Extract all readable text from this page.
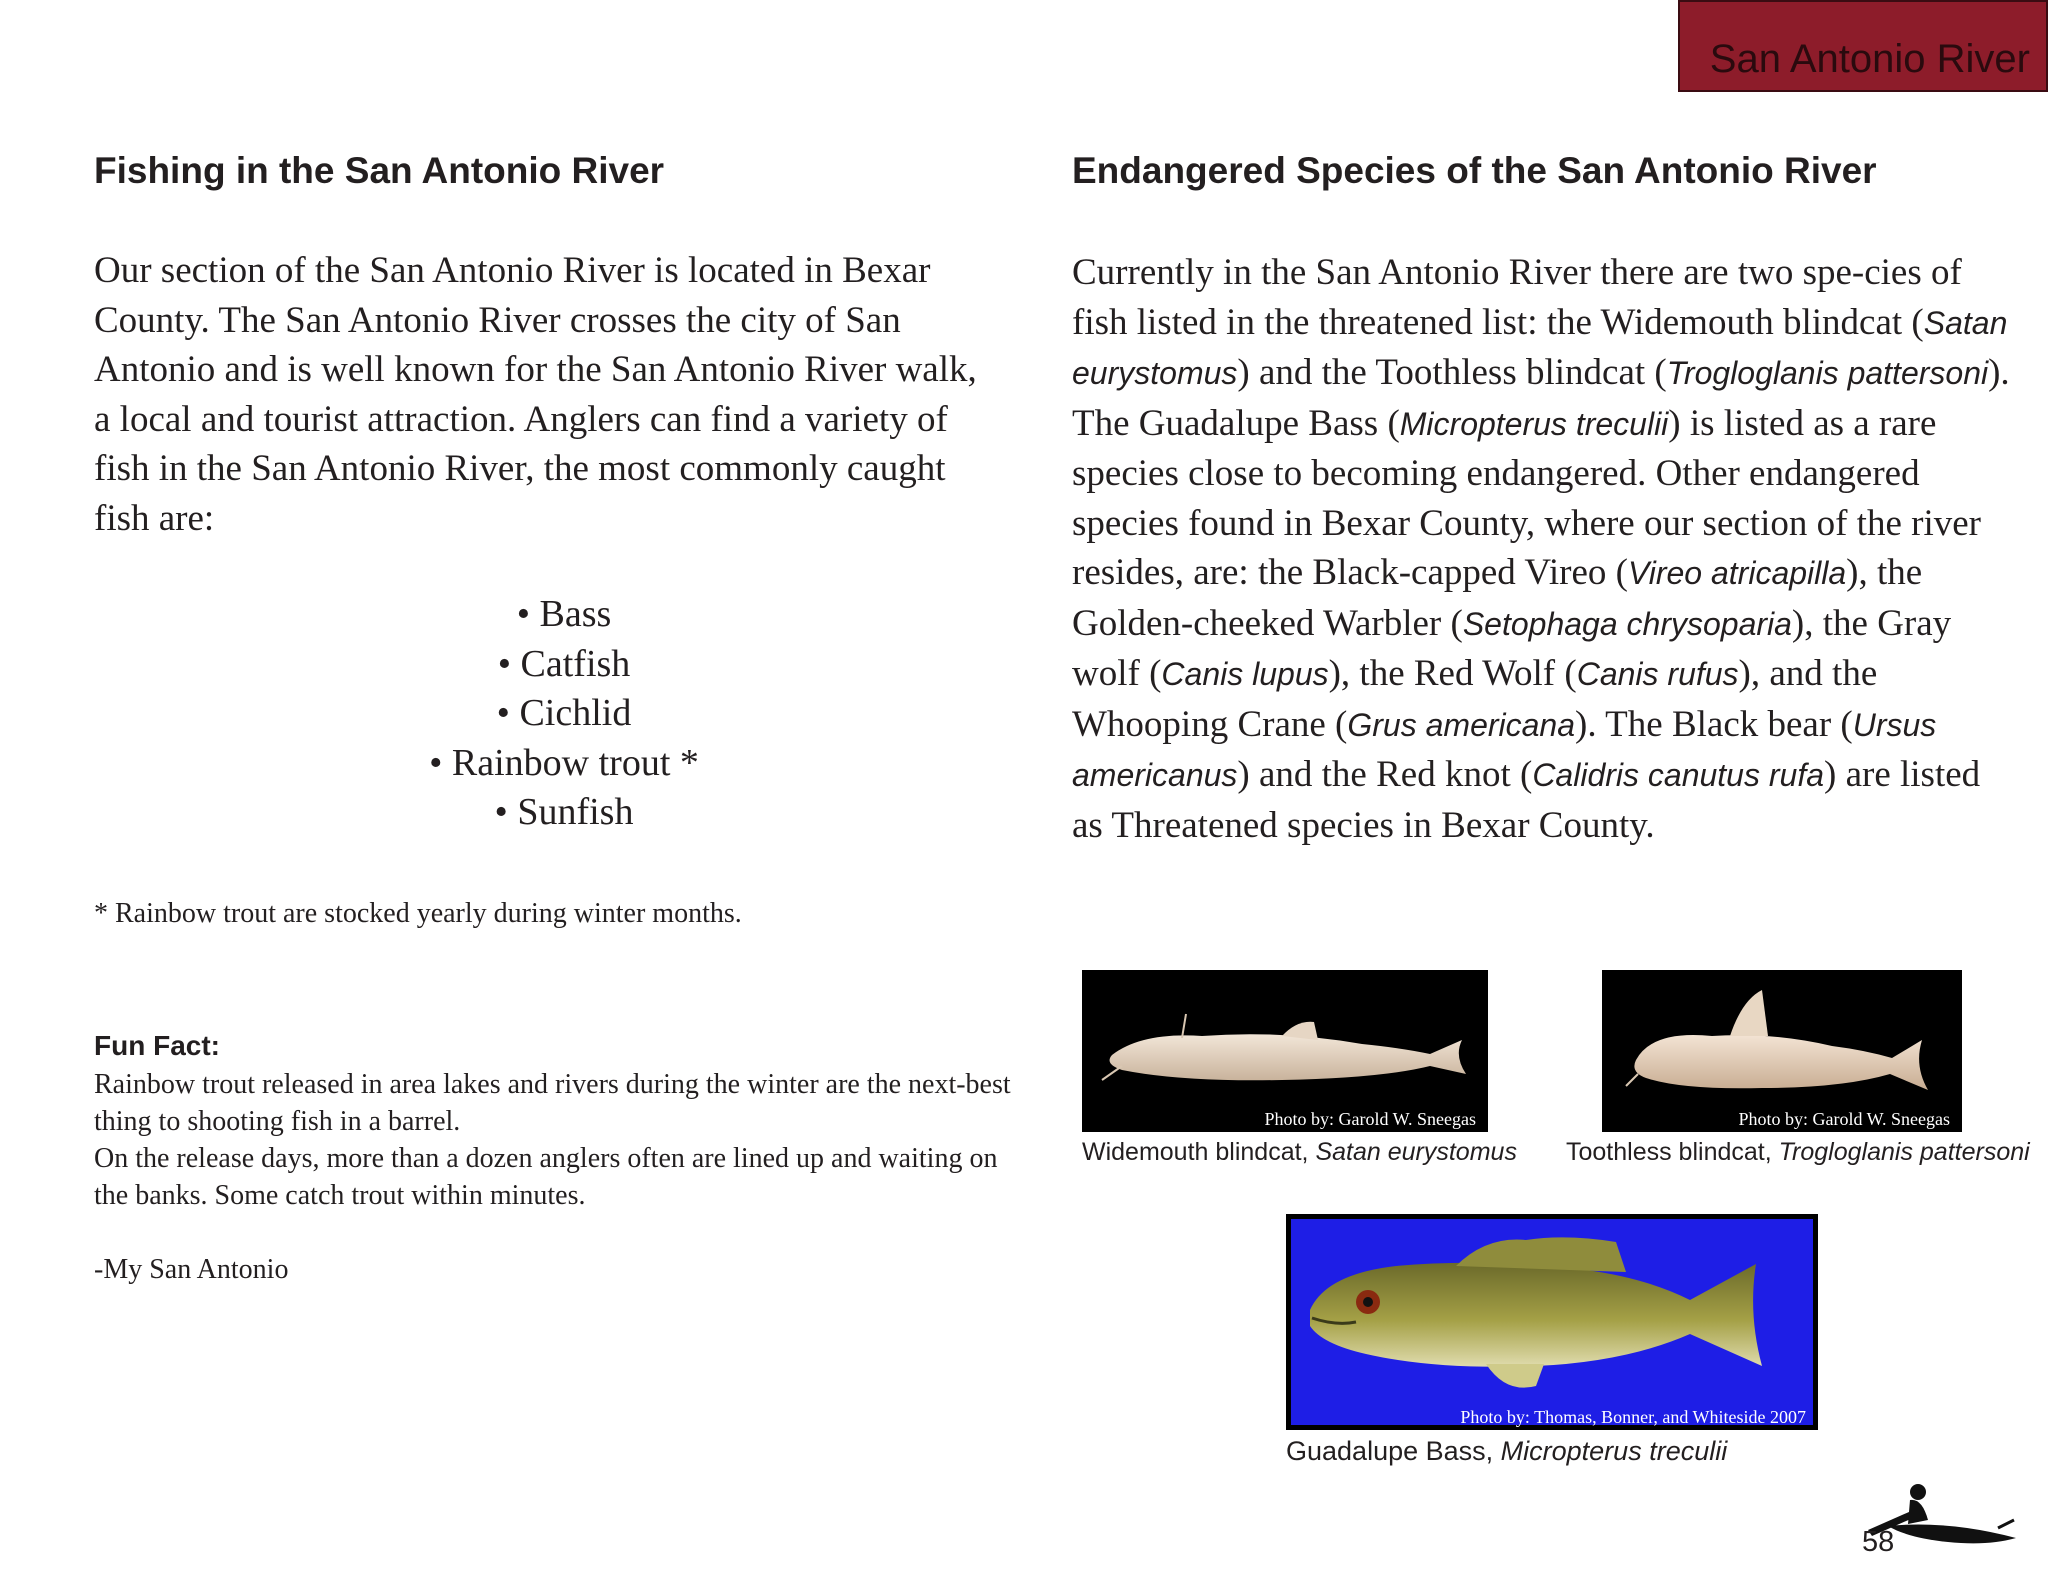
San Antonio River
Fishing in the San Antonio River

Our section of the San Antonio River is located in Bexar County. The San Antonio River crosses the city of San Antonio and is well known for the San Antonio River walk, a local and tourist attraction. Anglers can find a variety of fish in the San Antonio River, the most commonly caught fish are:

• Bass
• Catfish
• Cichlid
• Rainbow trout *
• Sunfish
* Rainbow trout are stocked yearly during winter months.
Fun Fact:
Rainbow trout released in area lakes and rivers during the winter are the next-best thing to shooting fish in a barrel.
On the release days, more than a dozen anglers often are lined up and waiting on the banks. Some catch trout within minutes.
-My San Antonio
Endangered Species of the San Antonio River

Currently in the San Antonio River there are two spe-cies of fish listed in the threatened list: the Widemouth blindcat (Satan eurystomus) and the Toothless blindcat (Trogloglanis pattersoni). The Guadalupe Bass (Micropterus treculii) is listed as a rare species close to becoming endangered. Other endangered species found in Bexar County, where our section of the river resides, are: the Black-capped Vireo (Vireo atricapilla), the Golden-cheeked Warbler (Setophaga chrysoparia), the Gray wolf (Canis lupus), the Red Wolf (Canis rufus), and the Whooping Crane (Grus americana). The Black bear (Ursus americanus) and the Red knot (Calidris canutus rufa) are listed as Threatened species in Bexar County.

Photo by: Garold W. Sneegas
Widemouth blindcat, Satan eurystomus
Photo by: Garold W. Sneegas
Toothless blindcat, Trogloglanis pattersoni
Photo by: Thomas, Bonner, and Whiteside 2007
Guadalupe Bass, Micropterus treculii
58
